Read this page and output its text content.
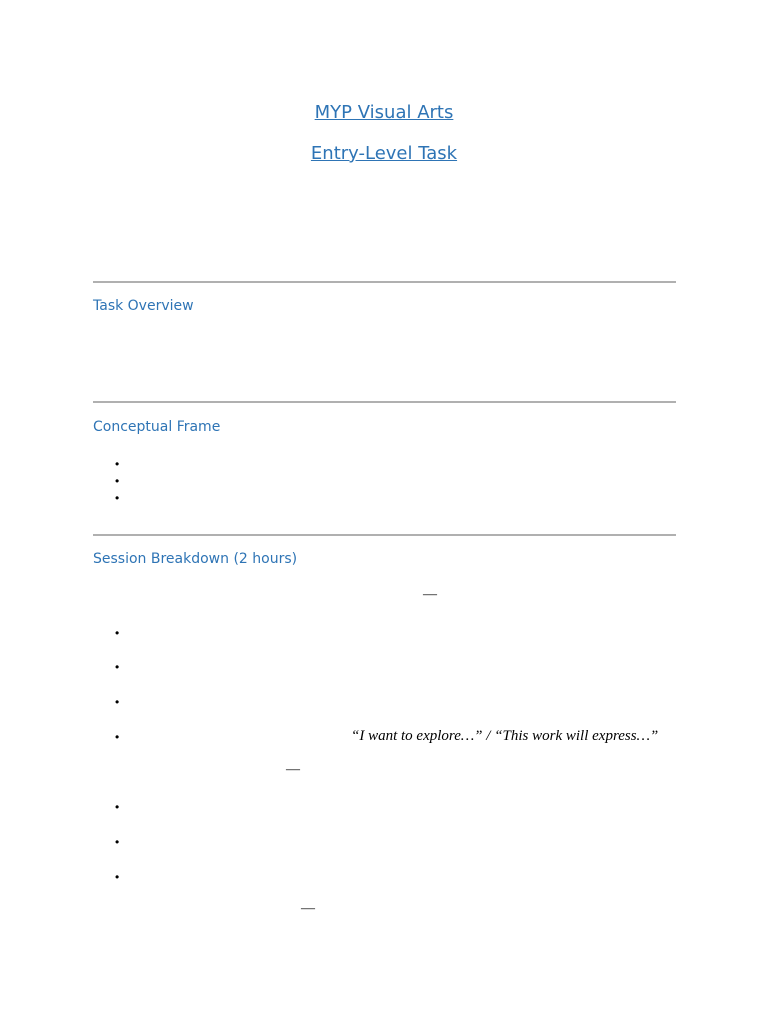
MYP Visual Arts
Entry-Level Task
Task Overview
Conceptual Frame
•
•
•
Session Breakdown (2 hours)
—
•
•
•
•	“I want to explore…” / “This work will express…”
—
•
•
•
—
